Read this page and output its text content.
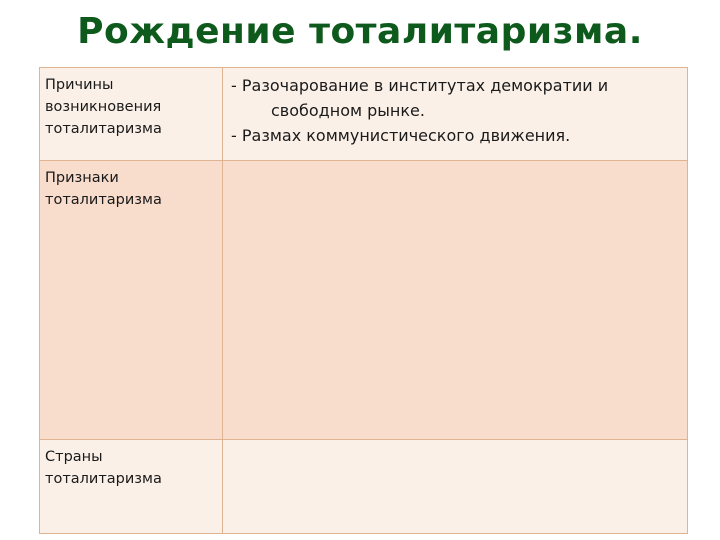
Рождение тоталитаризма.
Причины возникновения тоталитаризма	- Разочарование в институтах демократии и
свободном рынке.
- Размах коммунистического движения.

Признаки тоталитаризма	
Страны тоталитаризма	
